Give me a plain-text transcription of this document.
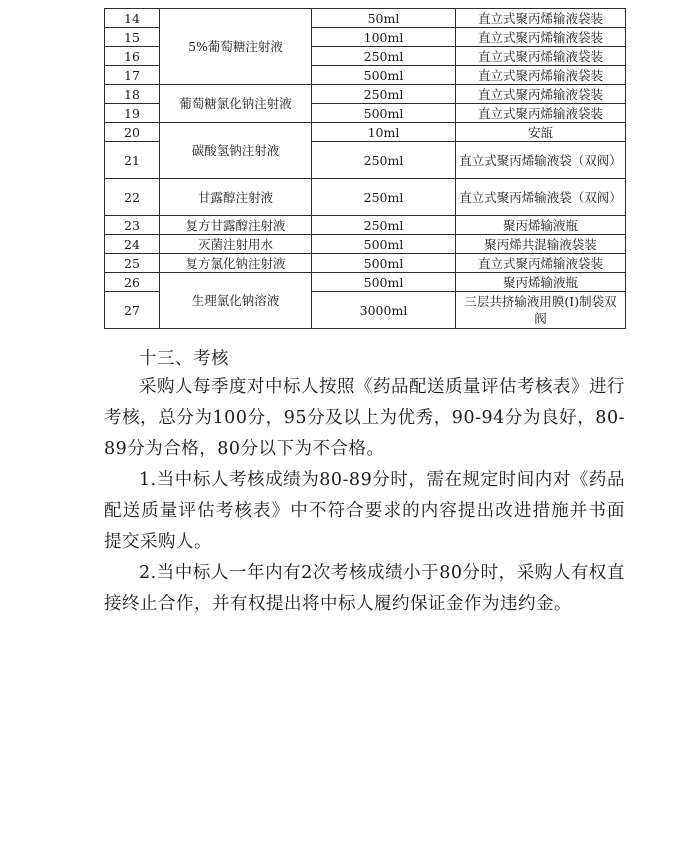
14	5%葡萄糖注射液	50ml	直立式聚丙烯输液袋装
15		100ml	直立式聚丙烯输液袋装
16		250ml	直立式聚丙烯输液袋装
17		500ml	直立式聚丙烯输液袋装
18	葡萄糖氯化钠注射液	250ml	直立式聚丙烯输液袋装
19		500ml	直立式聚丙烯输液袋装
20	碳酸氢钠注射液	10ml	安瓿
21		250ml	直立式聚丙烯输液袋（双阀）
22	甘露醇注射液	250ml	直立式聚丙烯输液袋（双阀）
23	复方甘露醇注射液	250ml	聚丙烯输液瓶
24	灭菌注射用水	500ml	聚丙烯共混输液袋装
25	复方氯化钠注射液	500ml	直立式聚丙烯输液袋装
26	生理氯化钠溶液	500ml	聚丙烯输液瓶
27		3000ml	三层共挤输液用膜(I)制袋双阀
十三、考核

采购人每季度对中标人按照《药品配送质量评估考核表》进行考核，总分为100分，95分及以上为优秀，90-94分为良好，80-89分为合格，80分以下为不合格。

1.当中标人考核成绩为80-89分时，需在规定时间内对《药品配送质量评估考核表》中不符合要求的内容提出改进措施并书面提交采购人。

2.当中标人一年内有2次考核成绩小于80分时，采购人有权直接终止合作，并有权提出将中标人履约保证金作为违约金。
